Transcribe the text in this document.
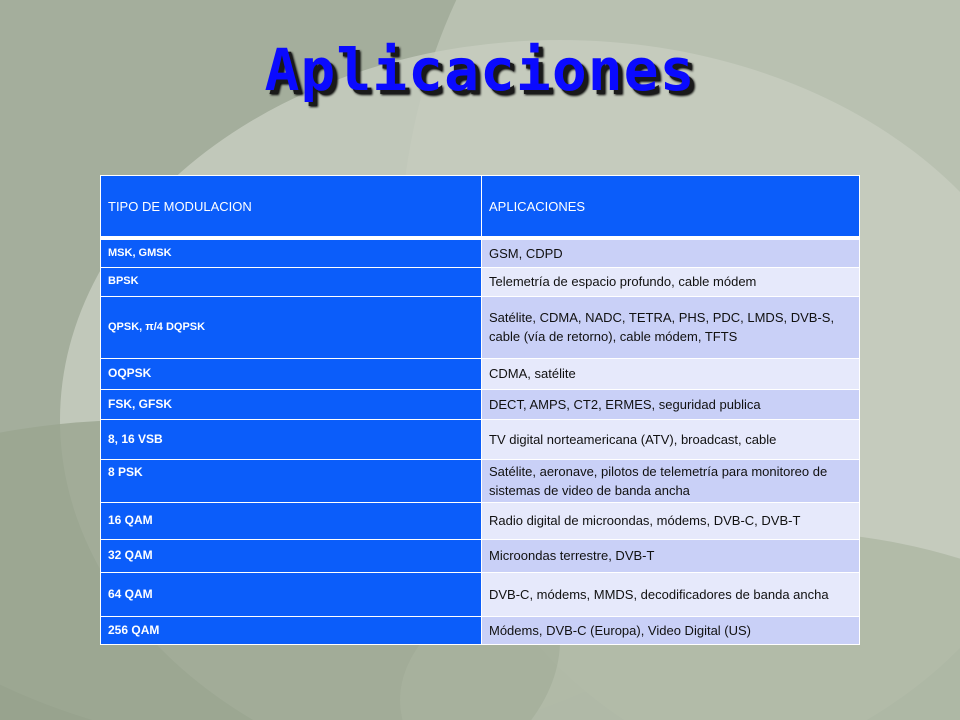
Aplicaciones
TIPO DE MODULACION	APLICACIONES
MSK, GMSK	GSM, CDPD
BPSK	Telemetría de espacio profundo, cable módem
QPSK, π/4 DQPSK	Satélite, CDMA, NADC, TETRA, PHS, PDC, LMDS, DVB-S, cable (vía de retorno), cable módem, TFTS
OQPSK	CDMA, satélite
FSK, GFSK	DECT, AMPS, CT2, ERMES, seguridad publica
8, 16 VSB	TV digital norteamericana (ATV), broadcast, cable
8 PSK	Satélite, aeronave, pilotos de telemetría para monitoreo de sistemas de video de banda ancha
16 QAM	Radio digital de microondas, módems, DVB-C, DVB-T
32 QAM	Microondas terrestre, DVB-T
64 QAM	DVB-C, módems, MMDS, decodificadores de banda ancha
256 QAM	Módems, DVB-C (Europa), Video Digital (US)
